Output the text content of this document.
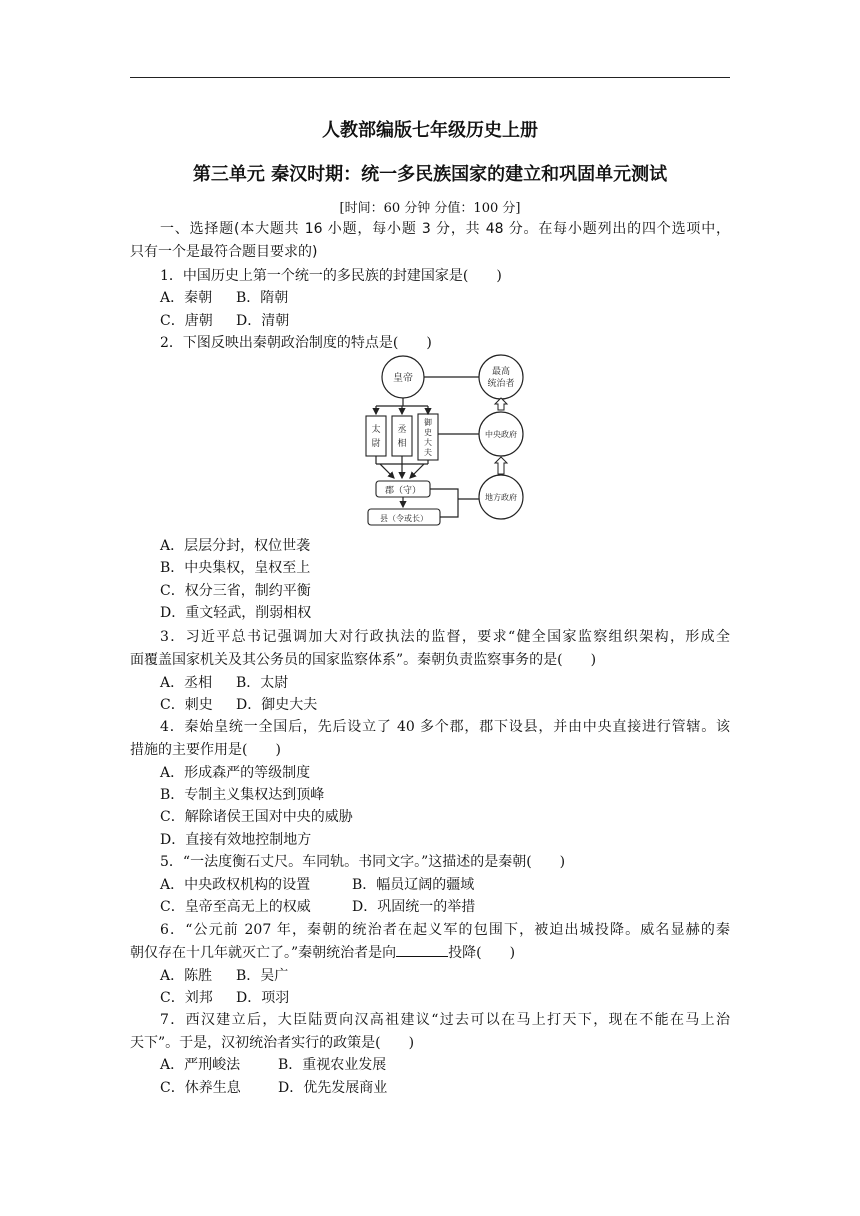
人教部编版七年级历史上册
第三单元 秦汉时期：统一多民族国家的建立和巩固单元测试
[时间：60 分钟 分值：100 分]
一、选择题(本大题共 16 小题，每小题 3 分，共 48 分。在每小题列出的四个选项中，
只有一个是最符合题目要求的)
1．中国历史上第一个统一的多民族的封建国家是(　　)
A．秦朝 B．隋朝
C．唐朝 D．清朝
2．下图反映出秦朝政治制度的特点是(　　)
皇帝
最高
统治者
太
尉
丞
相
御
史
大
夫
中央政府
郡（守）
县（令或长）
地方政府
A．层层分封，权位世袭
B．中央集权，皇权至上
C．权分三省，制约平衡
D．重文轻武，削弱相权
3．习近平总书记强调加大对行政执法的监督，要求“健全国家监察组织架构，形成全
面覆盖国家机关及其公务员的国家监察体系”。秦朝负责监察事务的是(　　)
A．丞相 B．太尉
C．刺史 D．御史大夫
4．秦始皇统一全国后，先后设立了 40 多个郡，郡下设县，并由中央直接进行管辖。该
措施的主要作用是(　　)
A．形成森严的等级制度
B．专制主义集权达到顶峰
C．解除诸侯王国对中央的威胁
D．直接有效地控制地方
5．“一法度衡石丈尺。车同轨。书同文字。”这描述的是秦朝(　　)
A．中央政权机构的设置	B．幅员辽阔的疆域
C．皇帝至高无上的权威	D．巩固统一的举措
6．“公元前 207 年，秦朝的统治者在起义军的包围下，被迫出城投降。威名显赫的秦
朝仅存在十几年就灭亡了。”秦朝统治者是向	投降(　　)
A．陈胜 B．吴广
C．刘邦 D．项羽
7．西汉建立后，大臣陆贾向汉高祖建议“过去可以在马上打天下，现在不能在马上治
天下”。于是，汉初统治者实行的政策是(　　)
A．严刑峻法	B．重视农业发展
C．休养生息	D．优先发展商业
